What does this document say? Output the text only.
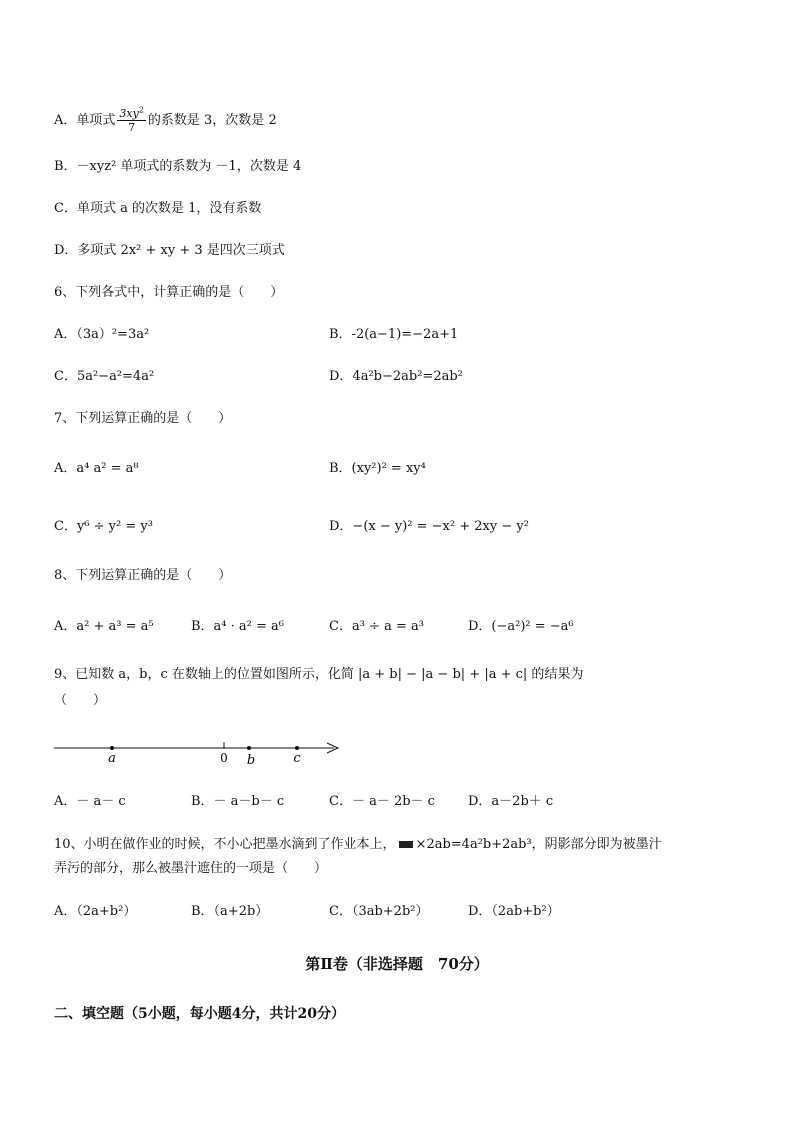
A．单项式 $\frac{3xy^2}{7}$ 的系数是 3，次数是 2
B．－xyz² 单项式的系数为 －1，次数是 4
C．单项式 a 的次数是 1，没有系数
D．多项式 2x² + xy + 3 是四次三项式
6、下列各式中，计算正确的是（　　）
A．（3a）²=3a²	B．-2(a−1)=−2a+1
C．5a²−a²=4a²	D．4a²b−2ab²=2ab²
7、下列运算正确的是（　　）
A．a⁴ a² = a⁸	B．(xy²)² = xy⁴
C．y⁶ ÷ y² = y³	D．−(x − y)² = −x² + 2xy − y²
8、下列运算正确的是（　　）
A．a² + a³ = a⁵	B．a⁴ · a² = a⁶	C．a³ ÷ a = a³	D．(−a²)² = −a⁶
9、已知数 a，b，c 在数轴上的位置如图所示，化简 |a + b| − |a − b| + |a + c| 的结果为
（　　）
a	0 b	c
A．－ a－ c	B．－ a－b－ c	C．－ a－ 2b－ c	D．a－2b＋ c
10、小明在做作业的时候，不小心把墨水滴到了作业本上， ×2ab=4a²b+2ab³，阴影部分即为被墨汁
弄污的部分，那么被墨汁遮住的一项是（　　）
A．（2a+b²）	B．（a+2b）	C．（3ab+2b²）	D．（2ab+b²）
第Ⅱ卷（非选择题　70分）
二、填空题（5小题，每小题4分，共计20分）
